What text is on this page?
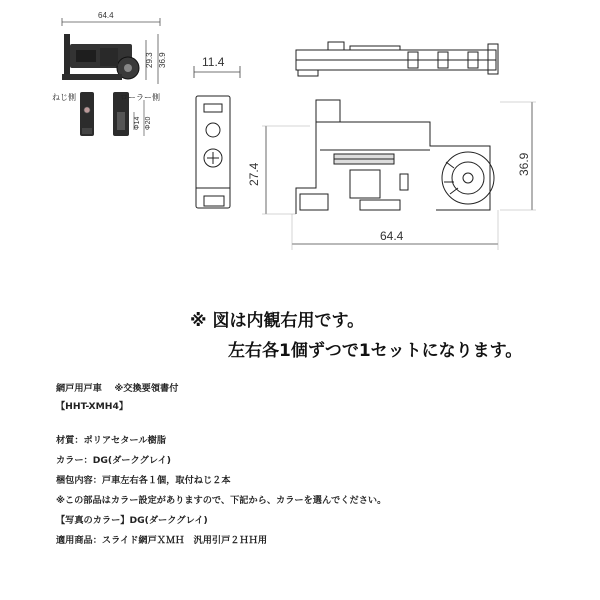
64.4
29.3 36.9
Φ14 Φ20
ねじ側	ローラー側
11.4
27.4	36.9
64.4
※ 図は内観右用です。
左右各1個ずつで1セットになります。
網戸用戸車　 ※交換要領書付
【HHT-XMH4】
材質：ポリアセタール樹脂
カラー：DG(ダークグレイ)
梱包内容：戸車左右各１個，取付ねじ２本
※この部品はカラー設定がありますので、下記から、カラーを選んでください。
【写真のカラー】DG(ダークグレイ)
適用商品：スライド網戸ＸＭＨ　汎用引戸２ＨＨ用
